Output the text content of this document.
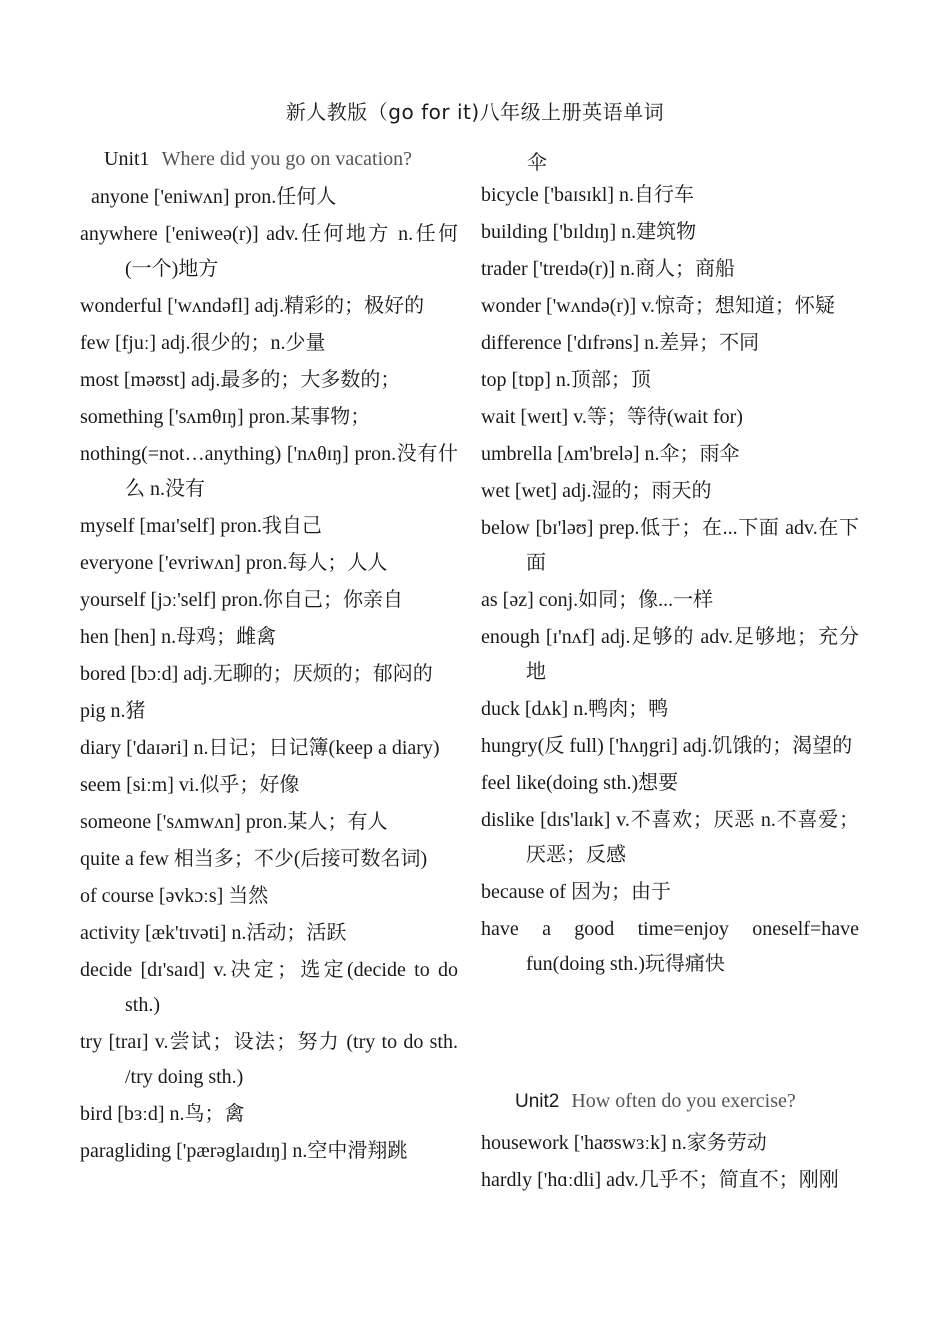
新人教版（go for it)八年级上册英语单词
Unit1 Where did you go on vacation?

anyone ['eniwʌn] pron.任何人

anywhere ['eniweə(r)] adv.任何地方 n.任何(一个)地方

wonderful ['wʌndəfl] adj.精彩的；极好的

few [fjuː] adj.很少的；n.少量

most [məʊst] adj.最多的；大多数的；

something ['sʌmθɪŋ] pron.某事物；

nothing(=not…anything) ['nʌθɪŋ] pron.没有什么 n.没有

myself [maɪ'self] pron.我自己

everyone ['evriwʌn] pron.每人；人人

yourself [jɔː'self] pron.你自己；你亲自

hen [hen] n.母鸡；雌禽

bored [bɔːd] adj.无聊的；厌烦的；郁闷的

pig n.猪

diary ['daɪəri] n.日记；日记簿(keep a diary)

seem [siːm] vi.似乎；好像

someone ['sʌmwʌn] pron.某人；有人

quite a few 相当多；不少(后接可数名词)

of course [əvkɔːs] 当然

activity [æk'tɪvəti] n.活动；活跃

decide [dɪ'saɪd] v.决定；选定(decide to do sth.)

try [traɪ] v.尝试；设法；努力 (try to do sth. /try doing sth.)

bird [bɜːd] n.鸟；禽

paragliding ['pærəglaɪdɪŋ] n.空中滑翔跳

伞

bicycle ['baɪsɪkl] n.自行车

building ['bɪldɪŋ] n.建筑物

trader ['treɪdə(r)] n.商人；商船

wonder ['wʌndə(r)] v.惊奇；想知道；怀疑

difference ['dɪfrəns] n.差异；不同

top [tɒp] n.顶部；顶

wait [weɪt] v.等；等待(wait for)

umbrella [ʌm'brelə] n.伞；雨伞

wet [wet] adj.湿的；雨天的

below [bɪ'ləʊ] prep.低于；在...下面 adv.在下面

as [əz] conj.如同；像...一样

enough [ɪ'nʌf] adj.足够的 adv.足够地；充分地

duck [dʌk] n.鸭肉；鸭

hungry(反 full) ['hʌŋgri] adj.饥饿的；渴望的

feel like(doing sth.)想要

dislike [dɪs'laɪk] v.不喜欢；厌恶 n.不喜爱；厌恶；反感

because of 因为；由于

have a good time=enjoy oneself=have fun(doing sth.)玩得痛快

housework ['haʊswɜːk] n.家务劳动

hardly ['hɑːdli] adv.几乎不；简直不；刚刚

Unit2 How often do you exercise?
